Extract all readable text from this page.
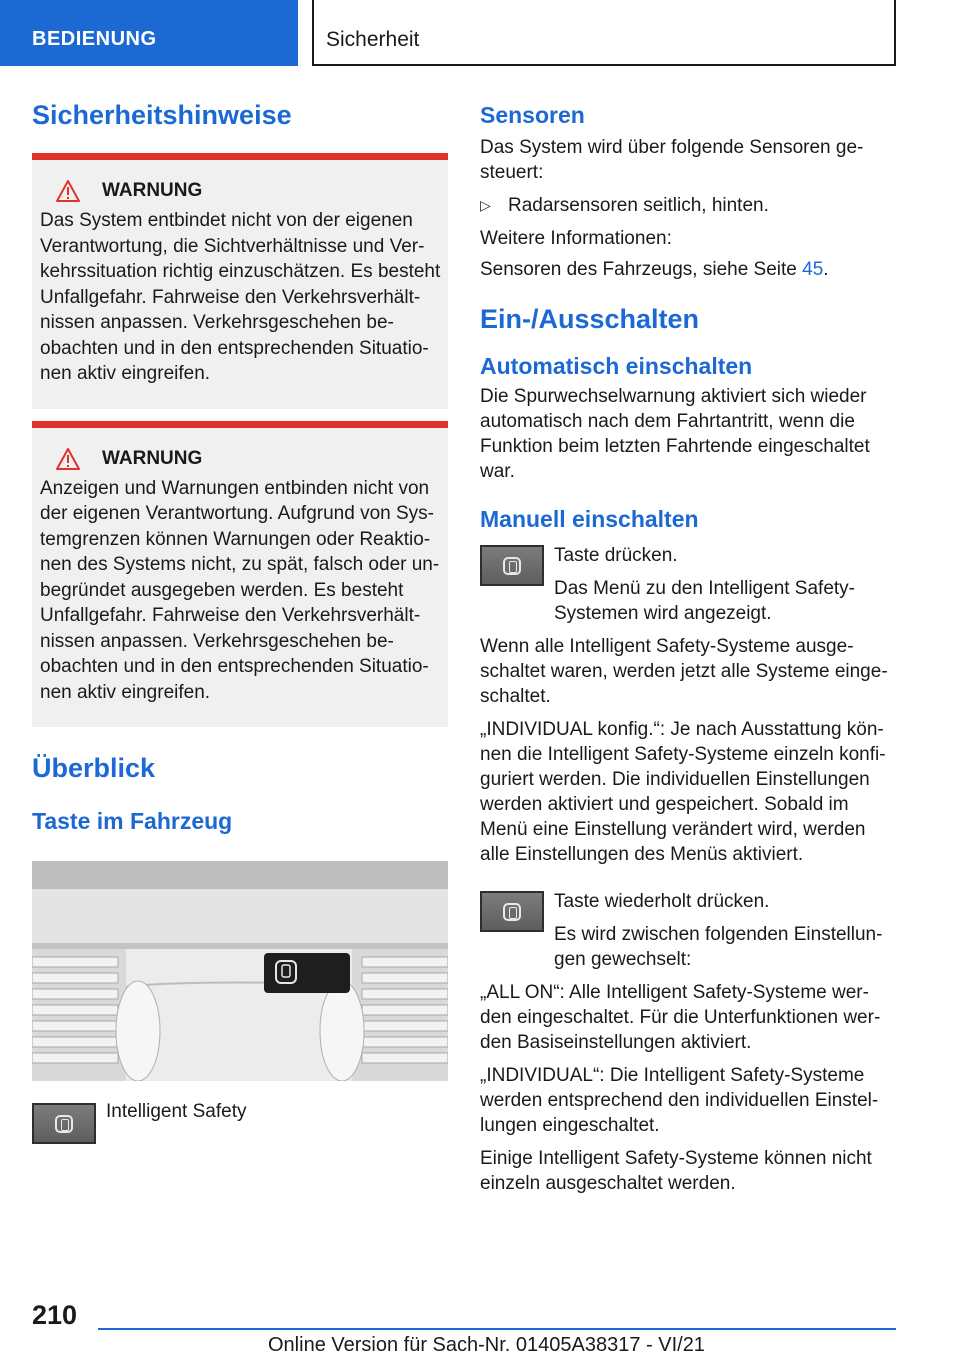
BEDIENUNG	Sicherheit
Sicherheitshinweise
WARNUNG

Das System entbindet nicht von der eigenen Verantwortung, die Sichtverhältnisse und Ver-kehrssituation richtig einzuschätzen. Es besteht Unfallgefahr. Fahrweise den Verkehrsverhält-nissen anpassen. Verkehrsgeschehen be-obachten und in den entsprechenden Situatio-nen aktiv eingreifen.

WARNUNG

Anzeigen und Warnungen entbinden nicht von der eigenen Verantwortung. Aufgrund von Sys-temgrenzen können Warnungen oder Reaktio-nen des Systems nicht, zu spät, falsch oder un-begründet ausgegeben werden. Es besteht Unfallgefahr. Fahrweise den Verkehrsverhält-nissen anpassen. Verkehrsgeschehen be-obachten und in den entsprechenden Situatio-nen aktiv eingreifen.

Überblick
Taste im Fahrzeug

Intelligent Safety

Sensoren

Das System wird über folgende Sensoren ge-steuert:

▷ Radarsensoren seitlich, hinten.

Weitere Informationen:

Sensoren des Fahrzeugs, siehe Seite 45.

Ein-/Ausschalten
Automatisch einschalten

Die Spurwechselwarnung aktiviert sich wieder automatisch nach dem Fahrtantritt, wenn die Funktion beim letzten Fahrtende eingeschaltet war.

Manuell einschalten

Taste drücken.

Das Menü zu den Intelligent Safety-Systemen wird angezeigt.

Wenn alle Intelligent Safety-Systeme ausge-schaltet waren, werden jetzt alle Systeme einge-schaltet.

„INDIVIDUAL konfig.“: Je nach Ausstattung kön-nen die Intelligent Safety-Systeme einzeln konfi-guriert werden. Die individuellen Einstellungen werden aktiviert und gespeichert. Sobald im Menü eine Einstellung verändert wird, werden alle Einstellungen des Menüs aktiviert.

Taste wiederholt drücken.

Es wird zwischen folgenden Einstellun-gen gewechselt:

„ALL ON“: Alle Intelligent Safety-Systeme wer-den eingeschaltet. Für die Unterfunktionen wer-den Basiseinstellungen aktiviert.

„INDIVIDUAL“: Die Intelligent Safety-Systeme werden entsprechend den individuellen Einstel-lungen eingeschaltet.

Einige Intelligent Safety-Systeme können nicht einzeln ausgeschaltet werden.

210
Online Version für Sach-Nr. 01405A38317 - VI/21
